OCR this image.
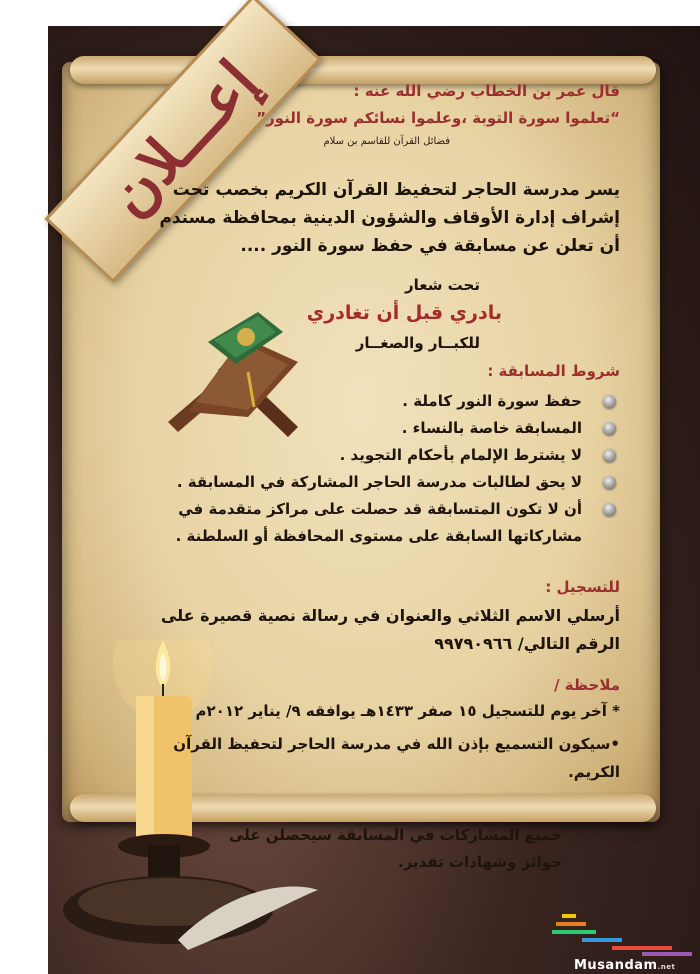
إعـــلان	قال عمر بن الخطاب رضي الله عنه :
“تعلموا سورة التوبة ،وعلموا نسائكم سورة النور”
فضائل القرآن للقاسم بن سلام
يسر مدرسة الحاجر لتحفيظ القرآن الكريم بخصب تحت إشراف إدارة الأوقاف والشؤون الدينية بمحافظة مسندم أن تعلن عن مسابقة في حفظ سورة النور ....
تحت شعار
بادري قبل أن تغادري
للكبــار والصغــار
شروط المسابقة :
حفظ سورة النور كاملة .
المسابقة خاصة بالنساء .
لا يشترط الإلمام بأحكام التجويد .
لا يحق لطالبات مدرسة الحاجر المشاركة في المسابقة .
أن لا تكون المتسابقة قد حصلت على مراكز متقدمة في مشاركاتها السابقة على مستوى المحافظة أو السلطنة .
للتسجيل :
أرسلي الاسم الثلاثي والعنوان في رسالة نصية قصيرة على الرقم التالي/ ٩٩٧٩٠٩٦٦
ملاحظة /
* آخر يوم للتسجيل ١٥ صفر ١٤٣٣هـ يوافقه ٩/ يناير ٢٠١٢م
•سيكون التسميع بإذن الله في مدرسة الحاجر لتحفيظ القرآن الكريم.
جميع المشاركات في المسابقة سيحصلن على جوائز وشهادات تقدير.
Musandam.net
